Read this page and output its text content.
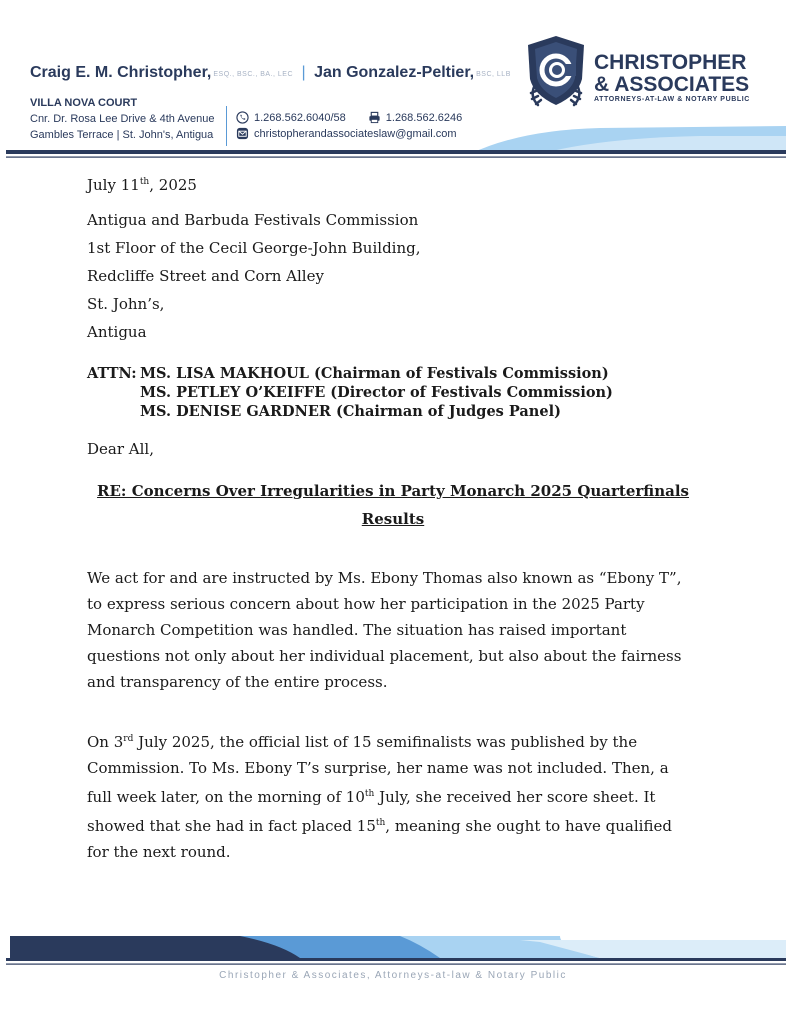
Craig E. M. Christopher, ESQ., BSC., BA., LEC | Jan Gonzalez-Peltier, BSC, LLB
VILLA NOVA COURT
Cnr. Dr. Rosa Lee Drive & 4th Avenue
Gambles Terrace | St. John's, Antigua
1.268.562.6040/58	1.268.562.6246
christopherandassociateslaw@gmail.com
CHRISTOPHER
& ASSOCIATES
ATTORNEYS-AT-LAW & NOTARY PUBLIC
July 11th, 2025
Antigua and Barbuda Festivals Commission
1st Floor of the Cecil George-John Building,
Redcliffe Street and Corn Alley
St. John’s,
Antigua
ATTN: MS. LISA MAKHOUL (Chairman of Festivals Commission)
MS. PETLEY O’KEIFFE (Director of Festivals Commission)
MS. DENISE GARDNER (Chairman of Judges Panel)
Dear All,
RE: Concerns Over Irregularities in Party Monarch 2025 Quarterfinals
Results
We act for and are instructed by Ms. Ebony Thomas also known as “Ebony T”,
to express serious concern about how her participation in the 2025 Party
Monarch Competition was handled. The situation has raised important
questions not only about her individual placement, but also about the fairness
and transparency of the entire process.
On 3rd July 2025, the official list of 15 semifinalists was published by the
Commission. To Ms. Ebony T’s surprise, her name was not included. Then, a
full week later, on the morning of 10th July, she received her score sheet. It
showed that she had in fact placed 15th, meaning she ought to have qualified
for the next round.
Christopher & Associates, Attorneys-at-law & Notary Public
